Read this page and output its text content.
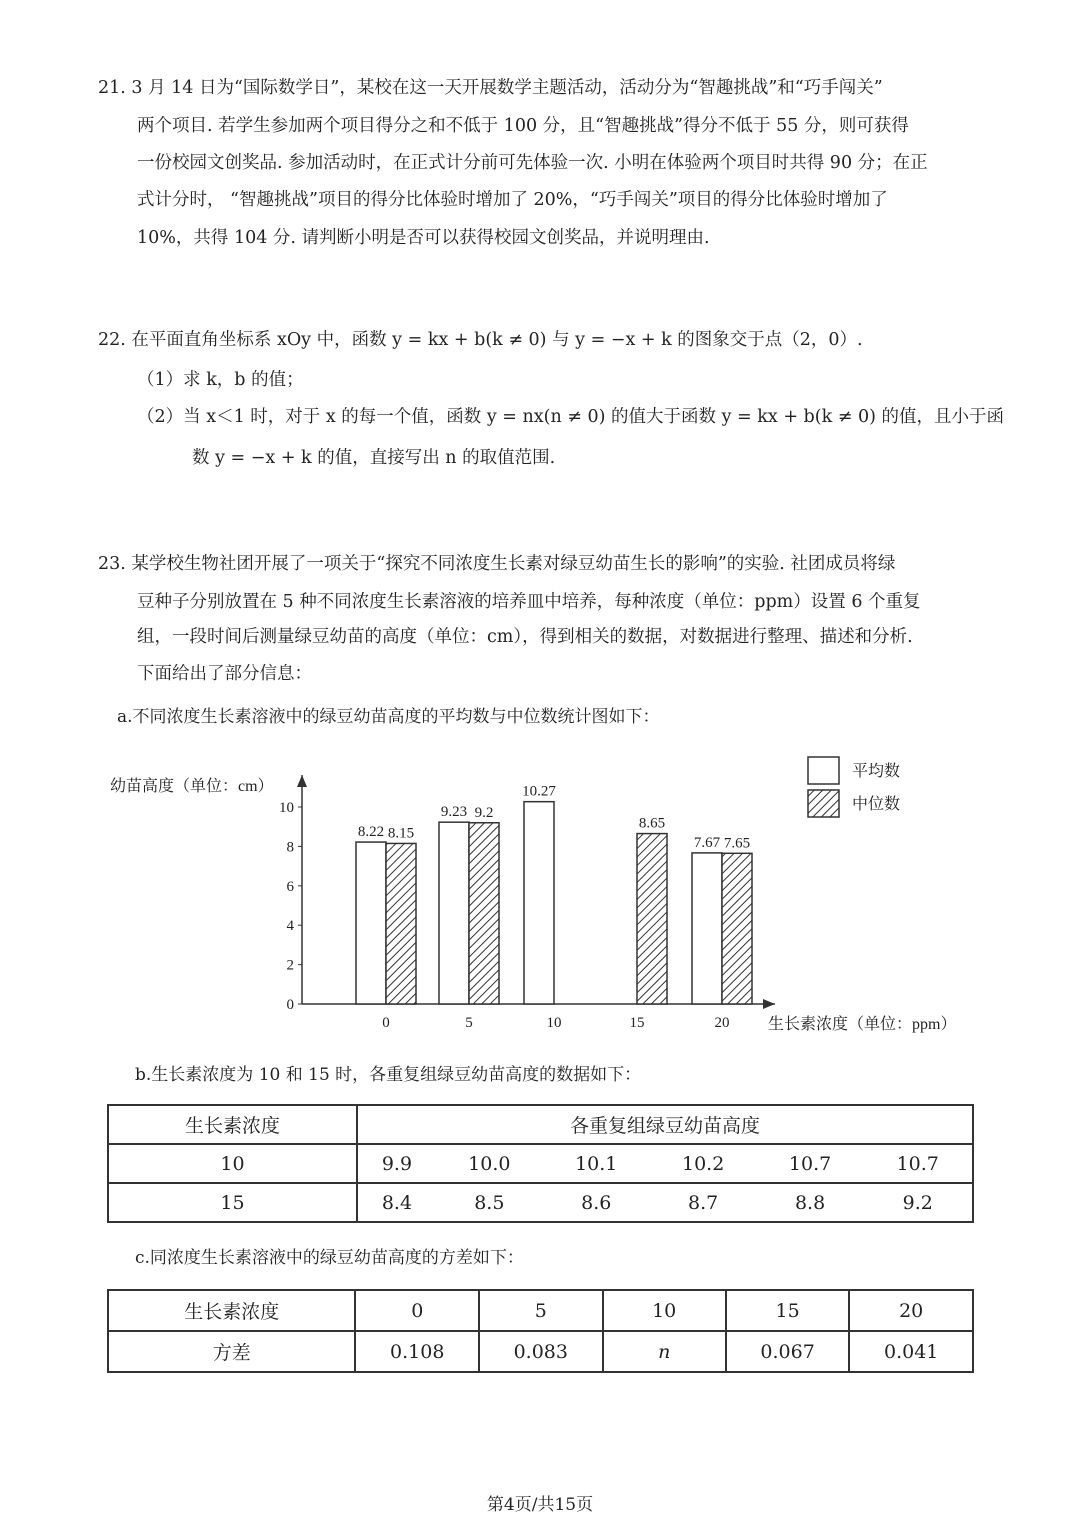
21. 3 月 14 日为“国际数学日”，某校在这一天开展数学主题活动，活动分为“智趣挑战”和“巧手闯关”
两个项目. 若学生参加两个项目得分之和不低于 100 分，且“智趣挑战”得分不低于 55 分，则可获得
一份校园文创奖品. 参加活动时，在正式计分前可先体验一次. 小明在体验两个项目时共得 90 分；在正
式计分时， “智趣挑战”项目的得分比体验时增加了 20%，“巧手闯关”项目的得分比体验时增加了
10%，共得 104 分. 请判断小明是否可以获得校园文创奖品，并说明理由.
22. 在平面直角坐标系 xOy 中，函数 y = kx + b(k ≠ 0) 与 y = −x + k 的图象交于点（2，0）.
（1）求 k，b 的值；
（2）当 x＜1 时，对于 x 的每一个值，函数 y = nx(n ≠ 0) 的值大于函数 y = kx + b(k ≠ 0) 的值，且小于函
数 y = −x + k 的值，直接写出 n 的取值范围.
23. 某学校生物社团开展了一项关于“探究不同浓度生长素对绿豆幼苗生长的影响”的实验. 社团成员将绿
豆种子分别放置在 5 种不同浓度生长素溶液的培养皿中培养，每种浓度（单位：ppm）设置 6 个重复
组，一段时间后测量绿豆幼苗的高度（单位：cm），得到相关的数据，对数据进行整理、描述和分析.
下面给出了部分信息：
a.不同浓度生长素溶液中的绿豆幼苗高度的平均数与中位数统计图如下：
0
2
4
6
8
10
幼苗高度（单位：cm）
生长素浓度（单位：ppm）
0
8.22 8.15
5
9.23 9.2
10
10.27
15
8.65
20
7.67 7.65
平均数
中位数
b.生长素浓度为 10 和 15 时，各重复组绿豆幼苗高度的数据如下：
生长素浓度	各重复组绿豆幼苗高度					
10	9.9	10.0	10.1	10.2	10.7	10.7
15	8.4	8.5	8.6	8.7	8.8	9.2
c.同浓度生长素溶液中的绿豆幼苗高度的方差如下：
生长素浓度	0	5	10	15	20
方差	0.108	0.083	n	0.067	0.041
第4页/共15页
